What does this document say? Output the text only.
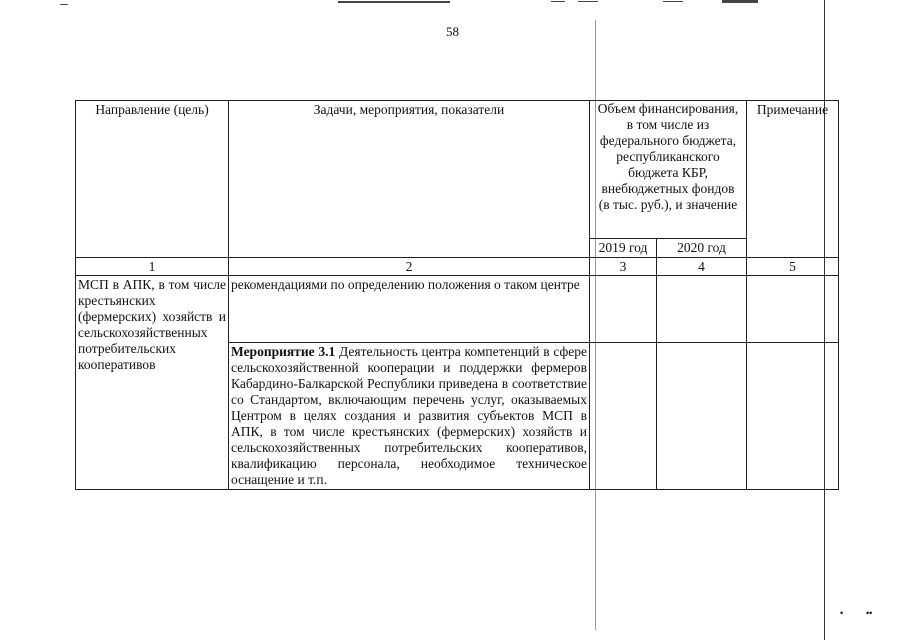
58
Направление (цель)	Задачи, мероприятия, показатели	Объем финансирования, в том числе из федерального бюджета, республиканского бюджета КБР, внебюджетных фондов (в тыс. руб.), и значение		Примечание
		2019 год	2020 год	
1	2	3	4	5
МСП в АПК, в том числе крестьянских (фермерских) хозяйств и сельскохозяйственных потребительских кооперативов	рекомендациями по определению положения о таком центре			
	Мероприятие 3.1 Деятельность центра компетенций в сфере сельскохозяйственной кооперации и поддержки фермеров Кабардино-Балкарской Республики приведена в соответствие со Стандартом, включающим перечень услуг, оказываемых Центром в целях создания и развития субъектов МСП в АПК, в том числе крестьянских (фермерских) хозяйств и сельскохозяйственных потребительских кооперативов, квалификацию персонала, необходимое техническое оснащение и т.п.			
•	••
